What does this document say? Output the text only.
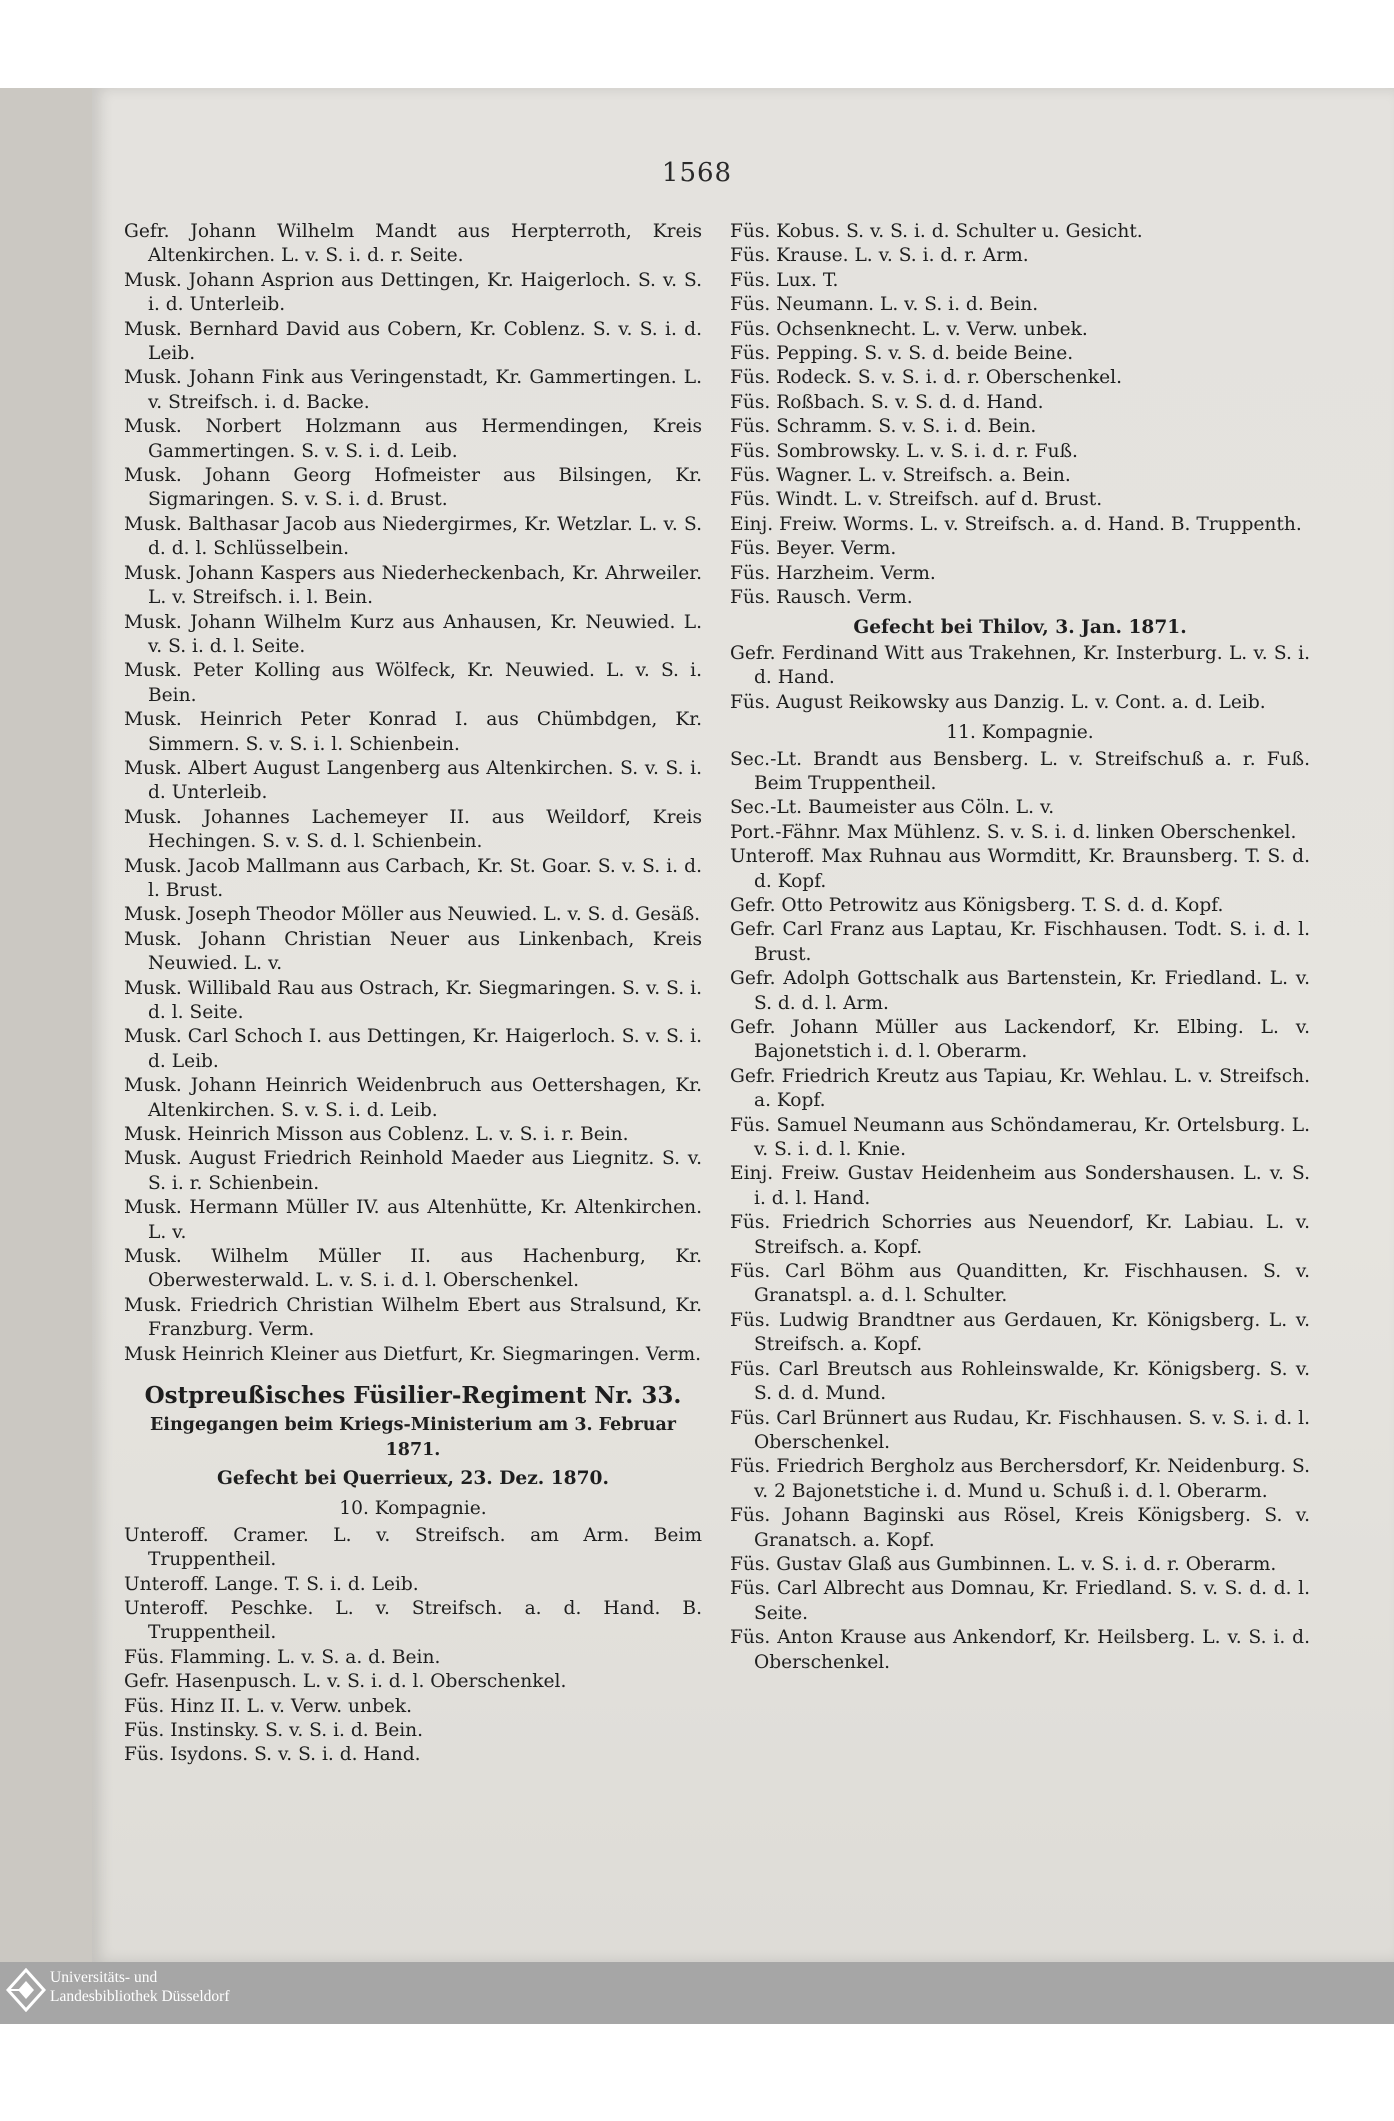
1568

Gefr. Johann Wilhelm Mandt aus Herpterroth, Kreis Altenkirchen. L. v. S. i. d. r. Seite.

Musk. Johann Asprion aus Dettingen, Kr. Haigerloch. S. v. S. i. d. Unterleib.

Musk. Bernhard David aus Cobern, Kr. Coblenz. S. v. S. i. d. Leib.

Musk. Johann Fink aus Veringenstadt, Kr. Gammertingen. L. v. Streifsch. i. d. Backe.

Musk. Norbert Holzmann aus Hermendingen, Kreis Gammertingen. S. v. S. i. d. Leib.

Musk. Johann Georg Hofmeister aus Bilsingen, Kr. Sigmaringen. S. v. S. i. d. Brust.

Musk. Balthasar Jacob aus Niedergirmes, Kr. Wetzlar. L. v. S. d. d. l. Schlüsselbein.

Musk. Johann Kaspers aus Niederheckenbach, Kr. Ahrweiler. L. v. Streifsch. i. l. Bein.

Musk. Johann Wilhelm Kurz aus Anhausen, Kr. Neuwied. L. v. S. i. d. l. Seite.

Musk. Peter Kolling aus Wölfeck, Kr. Neuwied. L. v. S. i. Bein.

Musk. Heinrich Peter Konrad I. aus Chümbdgen, Kr. Simmern. S. v. S. i. l. Schienbein.

Musk. Albert August Langenberg aus Altenkirchen. S. v. S. i. d. Unterleib.

Musk. Johannes Lachemeyer II. aus Weildorf, Kreis Hechingen. S. v. S. d. l. Schienbein.

Musk. Jacob Mallmann aus Carbach, Kr. St. Goar. S. v. S. i. d. l. Brust.

Musk. Joseph Theodor Möller aus Neuwied. L. v. S. d. Gesäß.

Musk. Johann Christian Neuer aus Linkenbach, Kreis Neuwied. L. v.

Musk. Willibald Rau aus Ostrach, Kr. Siegmaringen. S. v. S. i. d. l. Seite.

Musk. Carl Schoch I. aus Dettingen, Kr. Haigerloch. S. v. S. i. d. Leib.

Musk. Johann Heinrich Weidenbruch aus Oettershagen, Kr. Altenkirchen. S. v. S. i. d. Leib.

Musk. Heinrich Misson aus Coblenz. L. v. S. i. r. Bein.

Musk. August Friedrich Reinhold Maeder aus Liegnitz. S. v. S. i. r. Schienbein.

Musk. Hermann Müller IV. aus Altenhütte, Kr. Altenkirchen. L. v.

Musk. Wilhelm Müller II. aus Hachenburg, Kr. Oberwesterwald. L. v. S. i. d. l. Oberschenkel.

Musk. Friedrich Christian Wilhelm Ebert aus Stralsund, Kr. Franzburg. Verm.

Musk Heinrich Kleiner aus Dietfurt, Kr. Siegmaringen. Verm.

Ostpreußisches Füsilier-Regiment Nr. 33.

Eingegangen beim Kriegs-Ministerium am 3. Februar 1871.

Gefecht bei Querrieux, 23. Dez. 1870.

10. Kompagnie.

Unteroff. Cramer. L. v. Streifsch. am Arm. Beim Truppentheil.

Unteroff. Lange. T. S. i. d. Leib.

Unteroff. Peschke. L. v. Streifsch. a. d. Hand. B. Truppentheil.

Füs. Flamming. L. v. S. a. d. Bein.

Gefr. Hasenpusch. L. v. S. i. d. l. Oberschenkel.

Füs. Hinz II. L. v. Verw. unbek.

Füs. Instinsky. S. v. S. i. d. Bein.

Füs. Isydons. S. v. S. i. d. Hand.

Füs. Kobus. S. v. S. i. d. Schulter u. Gesicht.

Füs. Krause. L. v. S. i. d. r. Arm.

Füs. Lux. T.

Füs. Neumann. L. v. S. i. d. Bein.

Füs. Ochsenknecht. L. v. Verw. unbek.

Füs. Pepping. S. v. S. d. beide Beine.

Füs. Rodeck. S. v. S. i. d. r. Oberschenkel.

Füs. Roßbach. S. v. S. d. d. Hand.

Füs. Schramm. S. v. S. i. d. Bein.

Füs. Sombrowsky. L. v. S. i. d. r. Fuß.

Füs. Wagner. L. v. Streifsch. a. Bein.

Füs. Windt. L. v. Streifsch. auf d. Brust.

Einj. Freiw. Worms. L. v. Streifsch. a. d. Hand. B. Truppenth.

Füs. Beyer. Verm.

Füs. Harzheim. Verm.

Füs. Rausch. Verm.

Gefecht bei Thilov, 3. Jan. 1871.

Gefr. Ferdinand Witt aus Trakehnen, Kr. Insterburg. L. v. S. i. d. Hand.

Füs. August Reikowsky aus Danzig. L. v. Cont. a. d. Leib.

11. Kompagnie.

Sec.-Lt. Brandt aus Bensberg. L. v. Streifschuß a. r. Fuß. Beim Truppentheil.

Sec.-Lt. Baumeister aus Cöln. L. v.

Port.-Fähnr. Max Mühlenz. S. v. S. i. d. linken Oberschenkel.

Unteroff. Max Ruhnau aus Wormditt, Kr. Braunsberg. T. S. d. d. Kopf.

Gefr. Otto Petrowitz aus Königsberg. T. S. d. d. Kopf.

Gefr. Carl Franz aus Laptau, Kr. Fischhausen. Todt. S. i. d. l. Brust.

Gefr. Adolph Gottschalk aus Bartenstein, Kr. Friedland. L. v. S. d. d. l. Arm.

Gefr. Johann Müller aus Lackendorf, Kr. Elbing. L. v. Bajonetstich i. d. l. Oberarm.

Gefr. Friedrich Kreutz aus Tapiau, Kr. Wehlau. L. v. Streifsch. a. Kopf.

Füs. Samuel Neumann aus Schöndamerau, Kr. Ortelsburg. L. v. S. i. d. l. Knie.

Einj. Freiw. Gustav Heidenheim aus Sondershausen. L. v. S. i. d. l. Hand.

Füs. Friedrich Schorries aus Neuendorf, Kr. Labiau. L. v. Streifsch. a. Kopf.

Füs. Carl Böhm aus Quanditten, Kr. Fischhausen. S. v. Granatspl. a. d. l. Schulter.

Füs. Ludwig Brandtner aus Gerdauen, Kr. Königsberg. L. v. Streifsch. a. Kopf.

Füs. Carl Breutsch aus Rohleinswalde, Kr. Königsberg. S. v. S. d. d. Mund.

Füs. Carl Brünnert aus Rudau, Kr. Fischhausen. S. v. S. i. d. l. Oberschenkel.

Füs. Friedrich Bergholz aus Berchersdorf, Kr. Neidenburg. S. v. 2 Bajonetstiche i. d. Mund u. Schuß i. d. l. Oberarm.

Füs. Johann Baginski aus Rösel, Kreis Königsberg. S. v. Granatsch. a. Kopf.

Füs. Gustav Glaß aus Gumbinnen. L. v. S. i. d. r. Oberarm.

Füs. Carl Albrecht aus Domnau, Kr. Friedland. S. v. S. d. d. l. Seite.

Füs. Anton Krause aus Ankendorf, Kr. Heilsberg. L. v. S. i. d. Oberschenkel.

Universitäts- und
Landesbibliothek Düsseldorf
